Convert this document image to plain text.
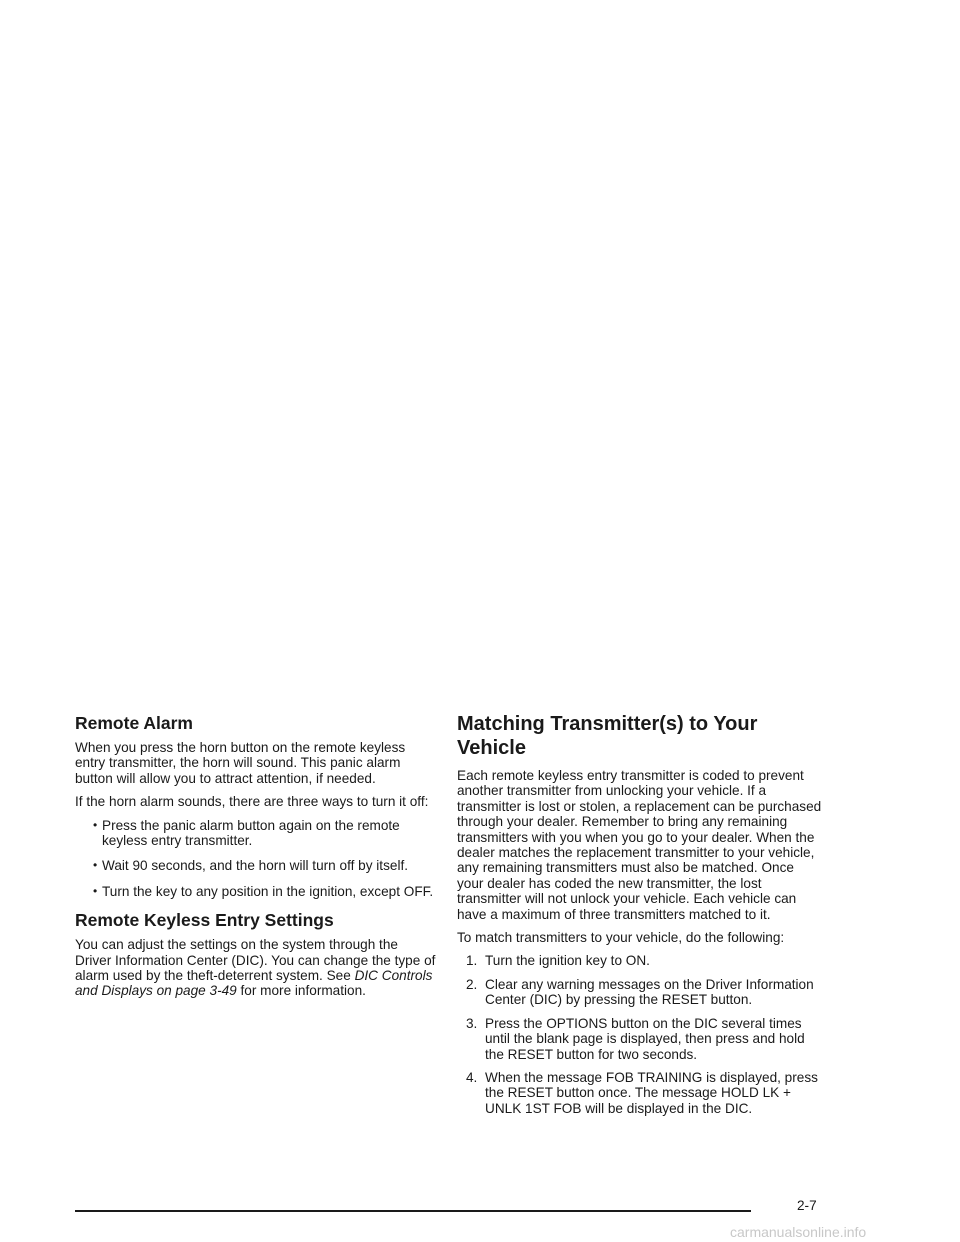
Remote Alarm

When you press the horn button on the remote keyless entry transmitter, the horn will sound. This panic alarm button will allow you to attract attention, if needed.

If the horn alarm sounds, there are three ways to turn it off:

• Press the panic alarm button again on the remote keyless entry transmitter.
• Wait 90 seconds, and the horn will turn off by itself.
• Turn the key to any position in the ignition, except OFF.
Remote Keyless Entry Settings

You can adjust the settings on the system through the Driver Information Center (DIC). You can change the type of alarm used by the theft-deterrent system. See DIC Controls and Displays on page 3-49 for more information.

Matching Transmitter(s) to Your Vehicle

Each remote keyless entry transmitter is coded to prevent another transmitter from unlocking your vehicle. If a transmitter is lost or stolen, a replacement can be purchased through your dealer. Remember to bring any remaining transmitters with you when you go to your dealer. When the dealer matches the replacement transmitter to your vehicle, any remaining transmitters must also be matched. Once your dealer has coded the new transmitter, the lost transmitter will not unlock your vehicle. Each vehicle can have a maximum of three transmitters matched to it.

To match transmitters to your vehicle, do the following:

1. Turn the ignition key to ON.
2. Clear any warning messages on the Driver Information Center (DIC) by pressing the RESET button.
3. Press the OPTIONS button on the DIC several times until the blank page is displayed, then press and hold the RESET button for two seconds.
4. When the message FOB TRAINING is displayed, press the RESET button once. The message HOLD LK + UNLK 1ST FOB will be displayed in the DIC.
2-7
carmanualsonline.info
